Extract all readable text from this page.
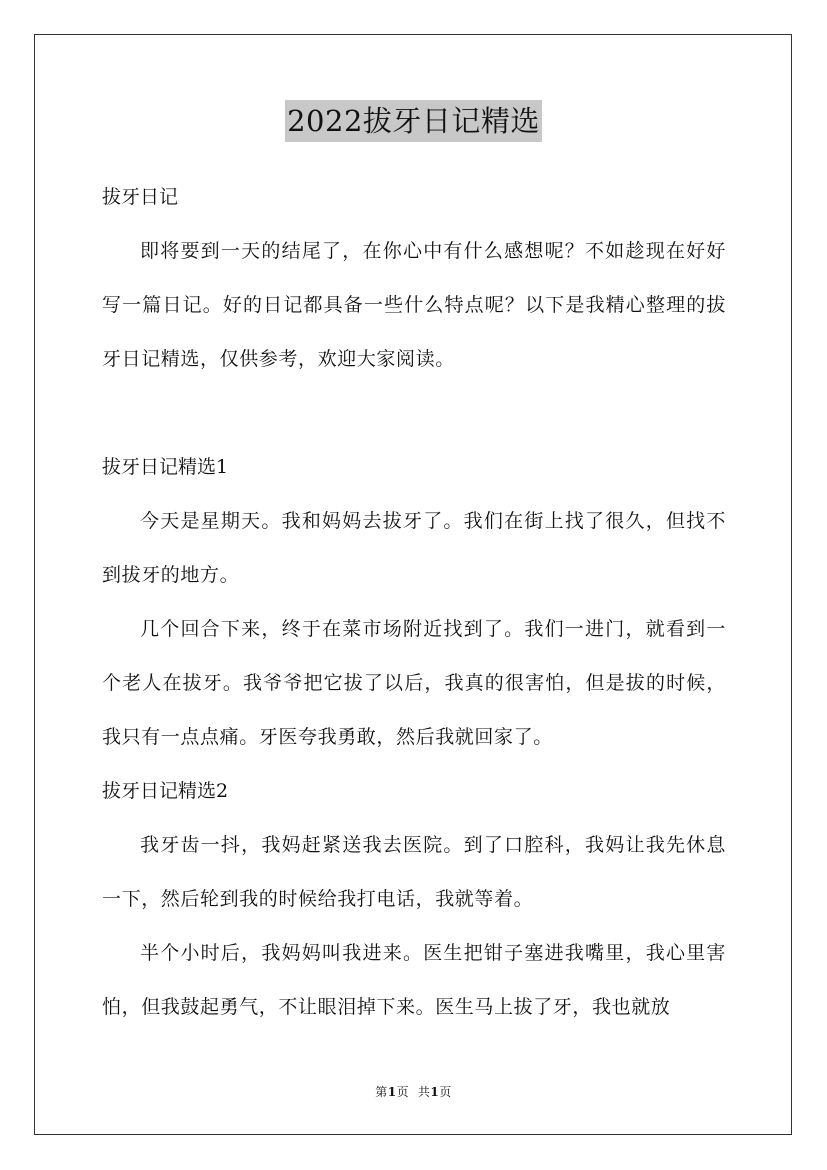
2022拔牙日记精选

拔牙日记

即将要到一天的结尾了，在你心中有什么感想呢？不如趁现在好好写一篇日记。好的日记都具备一些什么特点呢？以下是我精心整理的拔牙日记精选，仅供参考，欢迎大家阅读。

拔牙日记精选1

今天是星期天。我和妈妈去拔牙了。我们在街上找了很久，但找不到拔牙的地方。

几个回合下来，终于在菜市场附近找到了。我们一进门，就看到一个老人在拔牙。我爷爷把它拔了以后，我真的很害怕，但是拔的时候，我只有一点点痛。牙医夸我勇敢，然后我就回家了。

拔牙日记精选2

我牙齿一抖，我妈赶紧送我去医院。到了口腔科，我妈让我先休息一下，然后轮到我的时候给我打电话，我就等着。

半个小时后，我妈妈叫我进来。医生把钳子塞进我嘴里，我心里害怕，但我鼓起勇气，不让眼泪掉下来。医生马上拔了牙，我也就放

第1页 共1页
